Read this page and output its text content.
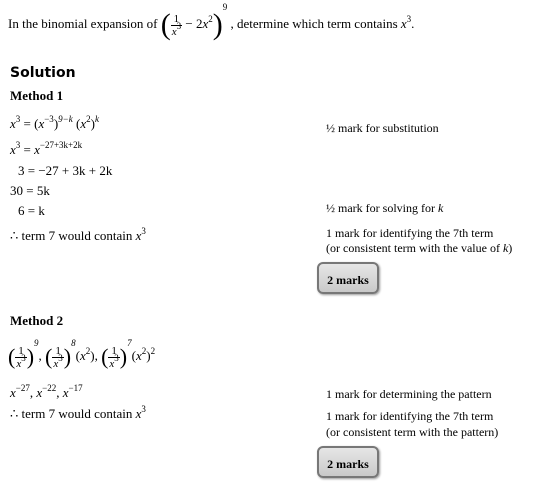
In the binomial expansion of ( $\frac{1}{x^3} - 2x^2)^9$ , determine which term contains $x^3$.
Solution
Method 1
$x^3 = (x^{-3})^{9-k}$ $(x^2)^k$
$x^3 = x^{-27+3k+2k}$
3 = −27 + 3k + 2k
30 = 5k
6 = k
∴ term 7 would contain $x^3$
½ mark for substitution
½ mark for solving for k
1 mark for identifying the 7th term
(or consistent term with the value of k)
2 marks
Method 2
( $\frac{1}{x^3} )^9$, ( $\frac{1}{x^3} )^8(x^2)$, ( $\frac{1}{x^3} )^7(x^2)^2$
$x^{-27}$, $x^{-22}$, $x^{-17}$
∴ term 7 would contain $x^3$
1 mark for determining the pattern
1 mark for identifying the 7th term
(or consistent term with the pattern)
2 marks
